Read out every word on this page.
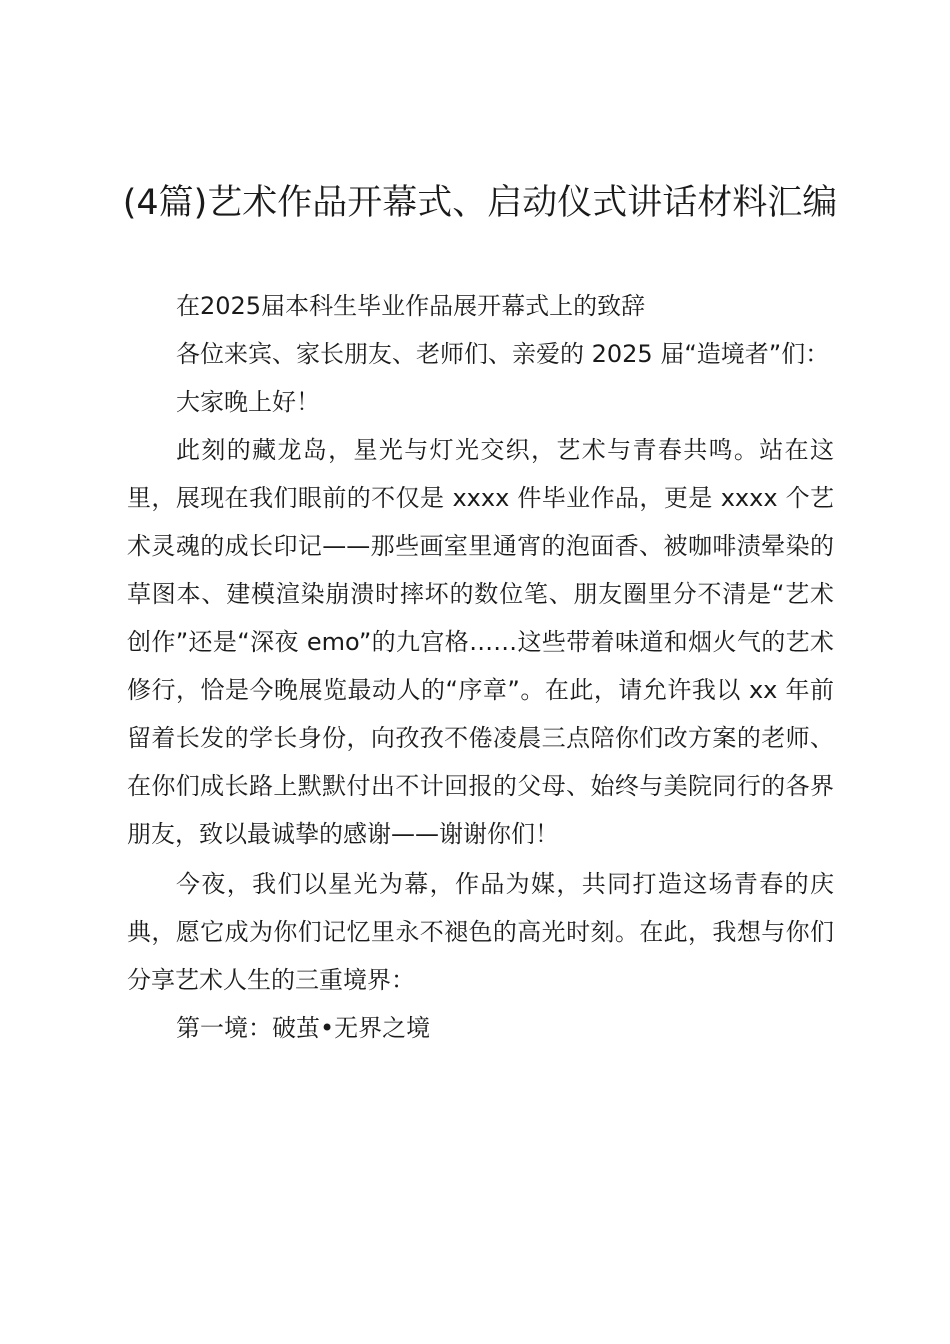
(4篇)艺术作品开幕式、启动仪式讲话材料汇编

在2025届本科生毕业作品展开幕式上的致辞

各位来宾、家长朋友、老师们、亲爱的 2025 届“造境者”们：

大家晚上好！

此刻的藏龙岛，星光与灯光交织，艺术与青春共鸣。站在这里，展现在我们眼前的不仅是 xxxx 件毕业作品，更是 xxxx 个艺术灵魂的成长印记——那些画室里通宵的泡面香、被咖啡渍晕染的草图本、建模渲染崩溃时摔坏的数位笔、朋友圈里分不清是“艺术创作”还是“深夜 emo”的九宫格……这些带着味道和烟火气的艺术修行，恰是今晚展览最动人的“序章”。在此，请允许我以 xx 年前留着长发的学长身份，向孜孜不倦凌晨三点陪你们改方案的老师、在你们成长路上默默付出不计回报的父母、始终与美院同行的各界朋友，致以最诚挚的感谢——谢谢你们！

今夜，我们以星光为幕，作品为媒，共同打造这场青春的庆典，愿它成为你们记忆里永不褪色的高光时刻。在此，我想与你们分享艺术人生的三重境界：

第一境：破茧•无界之境
